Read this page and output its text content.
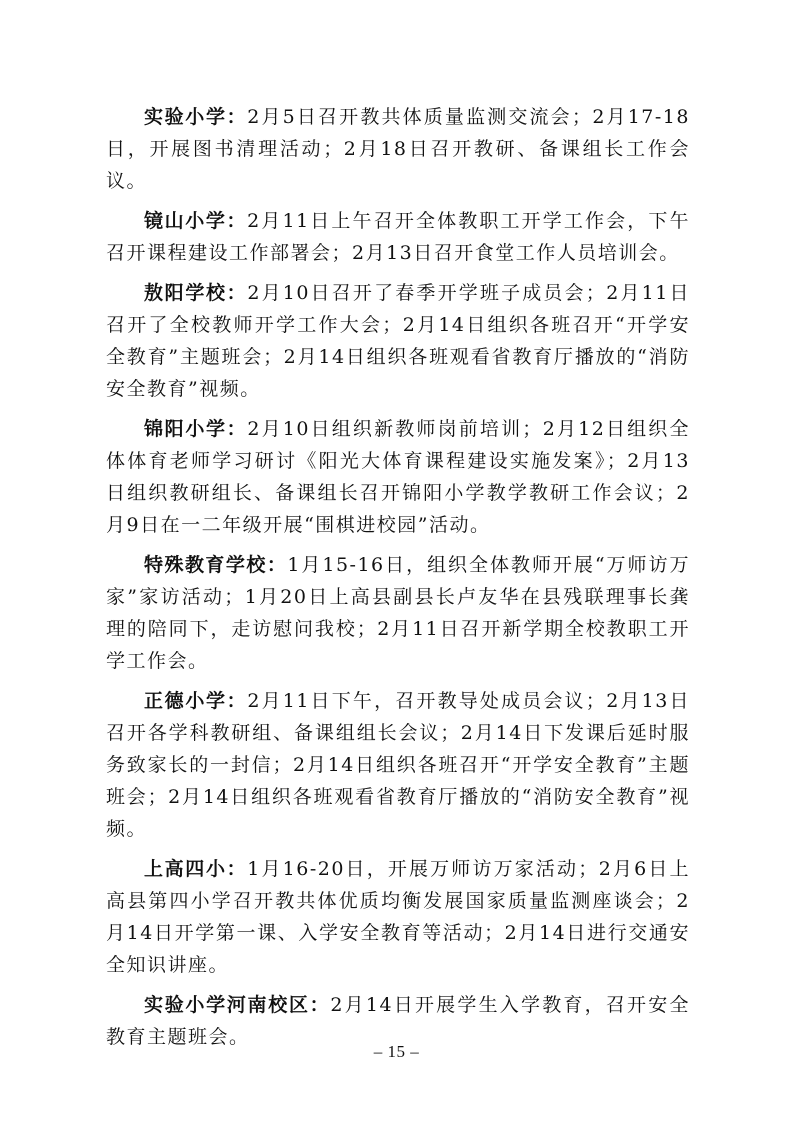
实验小学：2月5日召开教共体质量监测交流会；2月17-18日，开展图书清理活动；2月18日召开教研、备课组长工作会议。

镜山小学：2月11日上午召开全体教职工开学工作会，下午召开课程建设工作部署会；2月13日召开食堂工作人员培训会。

敖阳学校：2月10日召开了春季开学班子成员会；2月11日召开了全校教师开学工作大会；2月14日组织各班召开“开学安全教育”主题班会；2月14日组织各班观看省教育厅播放的“消防安全教育”视频。

锦阳小学：2月10日组织新教师岗前培训；2月12日组织全体体育老师学习研讨《阳光大体育课程建设实施发案》；2月13日组织教研组长、备课组长召开锦阳小学教学教研工作会议；2月9日在一二年级开展“围棋进校园”活动。

特殊教育学校：1月15-16日，组织全体教师开展“万师访万家”家访活动；1月20日上高县副县长卢友华在县残联理事长龚理的陪同下，走访慰问我校；2月11日召开新学期全校教职工开学工作会。

正德小学：2月11日下午，召开教导处成员会议；2月13日召开各学科教研组、备课组组长会议；2月14日下发课后延时服务致家长的一封信；2月14日组织各班召开“开学安全教育”主题班会；2月14日组织各班观看省教育厅播放的“消防安全教育”视频。

上高四小：1月16-20日，开展万师访万家活动；2月6日上高县第四小学召开教共体优质均衡发展国家质量监测座谈会；2月14日开学第一课、入学安全教育等活动；2月14日进行交通安全知识讲座。

实验小学河南校区：2月14日开展学生入学教育，召开安全教育主题班会。

– 15 –
